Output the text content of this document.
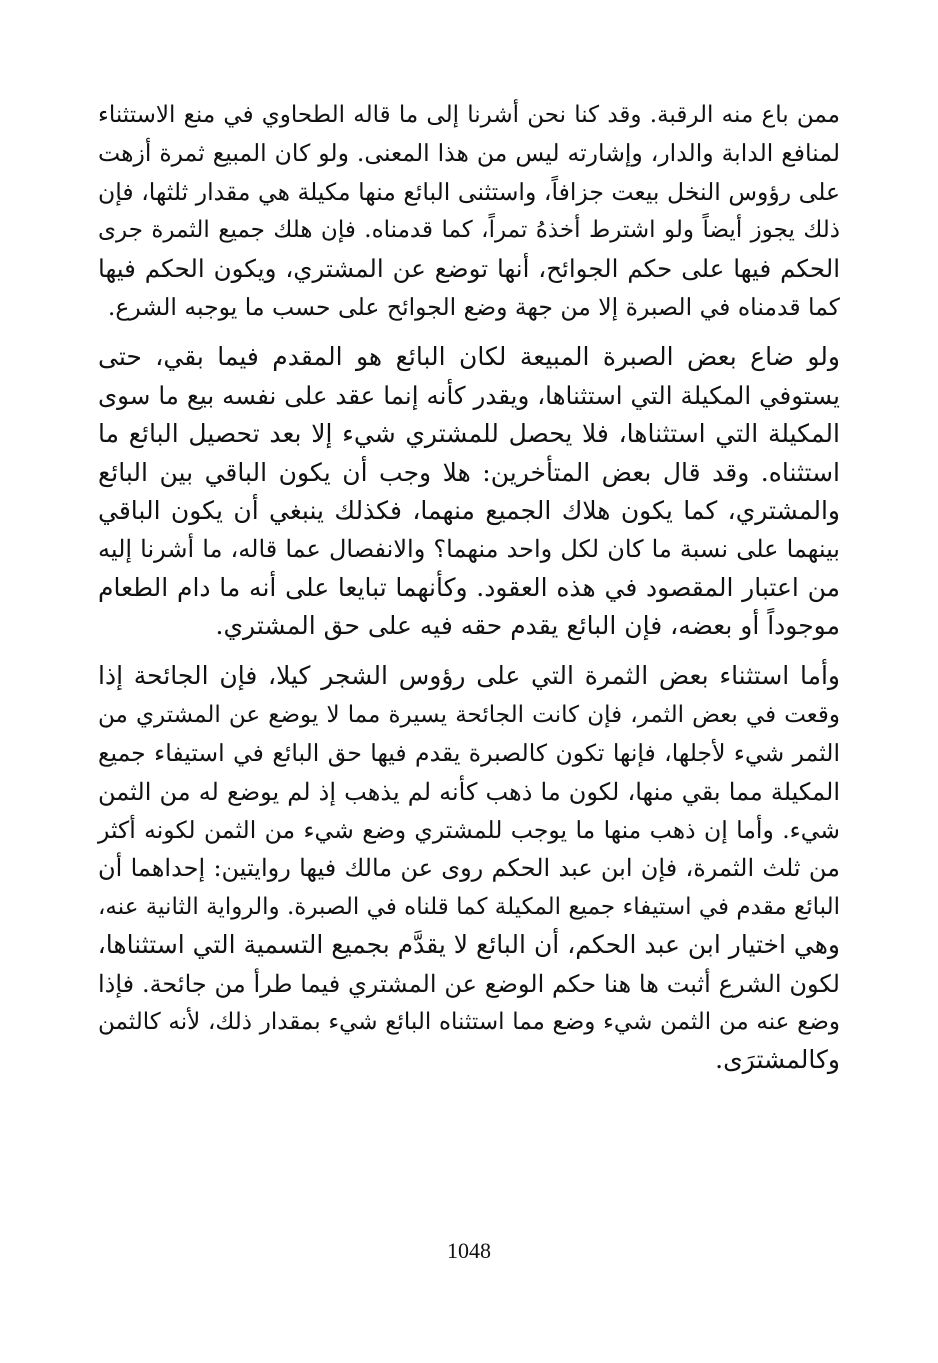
ممن باع منه الرقبة. وقد كنا نحن أشرنا إلى ما قاله الطحاوي في منع الاستثناء
لمنافع الدابة والدار، وإشارته ليس من هذا المعنى. ولو كان المبيع ثمرة أزهت
على رؤوس النخل بيعت جزافاً، واستثنى البائع منها مكيلة هي مقدار ثلثها، فإن
ذلك يجوز أيضاً ولو اشترط أخذهُ تمراً، كما قدمناه. فإن هلك جميع الثمرة جرى
الحكم فيها على حكم الجوائح، أنها توضع عن المشتري، ويكون الحكم فيها
كما قدمناه في الصبرة إلا من جهة وضع الجوائح على حسب ما يوجبه الشرع.
ولو ضاع بعض الصبرة المبيعة لكان البائع هو المقدم فيما بقي، حتى
يستوفي المكيلة التي استثناها، ويقدر كأنه إنما عقد على نفسه بيع ما سوى
المكيلة التي استثناها، فلا يحصل للمشتري شيء إلا بعد تحصيل البائع ما
استثناه. وقد قال بعض المتأخرين: هلا وجب أن يكون الباقي بين البائع
والمشتري، كما يكون هلاك الجميع منهما، فكذلك ينبغي أن يكون الباقي
بينهما على نسبة ما كان لكل واحد منهما؟ والانفصال عما قاله، ما أشرنا إليه
من اعتبار المقصود في هذه العقود. وكأنهما تبايعا على أنه ما دام الطعام
موجوداً أو بعضه، فإن البائع يقدم حقه فيه على حق المشتري.
وأما استثناء بعض الثمرة التي على رؤوس الشجر كيلا، فإن الجائحة إذا
وقعت في بعض الثمر، فإن كانت الجائحة يسيرة مما لا يوضع عن المشتري من
الثمر شيء لأجلها، فإنها تكون كالصبرة يقدم فيها حق البائع في استيفاء جميع
المكيلة مما بقي منها، لكون ما ذهب كأنه لم يذهب إذ لم يوضع له من الثمن
شيء. وأما إن ذهب منها ما يوجب للمشتري وضع شيء من الثمن لكونه أكثر
من ثلث الثمرة، فإن ابن عبد الحكم روى عن مالك فيها روايتين: إحداهما أن
البائع مقدم في استيفاء جميع المكيلة كما قلناه في الصبرة. والرواية الثانية عنه،
وهي اختيار ابن عبد الحكم، أن البائع لا يقدَّم بجميع التسمية التي استثناها،
لكون الشرع أثبت ها هنا حكم الوضع عن المشتري فيما طرأ من جائحة. فإذا
وضع عنه من الثمن شيء وضع مما استثناه البائع شيء بمقدار ذلك، لأنه كالثمن
وكالمشترَى.
1048
